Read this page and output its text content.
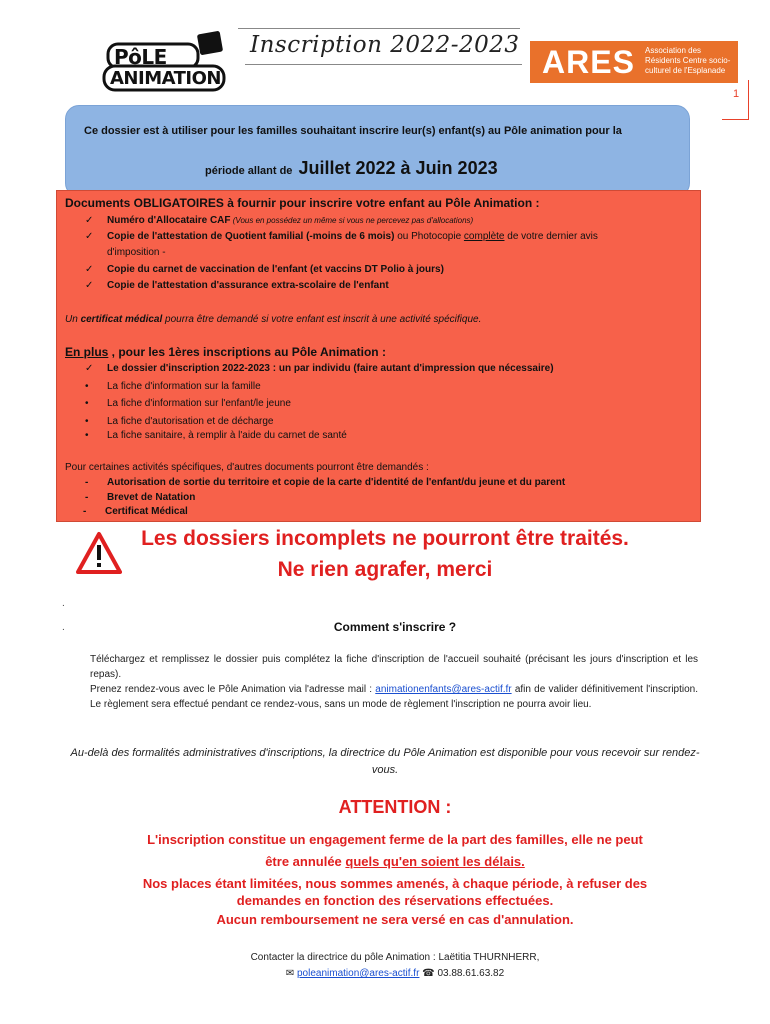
PôLE
ANIMATION
Inscription 2022-2023 ARES Association des Résidents Centre socio-culturel de l'Esplanade
1
Ce dossier est à utiliser pour les familles souhaitant inscrire leur(s) enfant(s) au Pôle animation pour la
période allant de Juillet 2022 à Juin 2023
Documents OBLIGATOIRES à fournir pour inscrire votre enfant au Pôle Animation :
✓ Numéro d'Allocataire CAF (Vous en possédez un même si vous ne percevez pas d'allocations)
✓ Copie de l'attestation de Quotient familial (-moins de 6 mois) ou Photocopie complète de votre dernier avis
d'imposition -
✓ Copie du carnet de vaccination de l'enfant (et vaccins DT Polio à jours)
✓ Copie de l'attestation d'assurance extra-scolaire de l'enfant
Un certificat médical pourra être demandé si votre enfant est inscrit à une activité spécifique.
En plus , pour les 1ères inscriptions au Pôle Animation :
✓ Le dossier d'inscription 2022-2023 : un par individu (faire autant d'impression que nécessaire)
• La fiche d'information sur la famille
• La fiche d'information sur l'enfant/le jeune
• La fiche d'autorisation et de décharge
• La fiche sanitaire, à remplir à l'aide du carnet de santé
Pour certaines activités spécifiques, d'autres documents pourront être demandés :
- Autorisation de sortie du territoire et copie de la carte d'identité de l'enfant/du jeune et du parent
- Brevet de Natation
- Certificat Médical
Les dossiers incomplets ne pourront être traités.
Ne rien agrafer, merci
.
.	Comment s'inscrire ?
Téléchargez et remplissez le dossier puis complétez la fiche d'inscription de l'accueil souhaité (précisant les jours d'inscription et les repas).
Prenez rendez-vous avec le Pôle Animation via l'adresse mail : animationenfants@ares-actif.fr afin de valider définitivement l'inscription. Le règlement sera effectué pendant ce rendez-vous, sans un mode de règlement l'inscription ne pourra avoir lieu.
Au-delà des formalités administratives d'inscriptions, la directrice du Pôle Animation est disponible pour vous recevoir sur rendez-vous.
ATTENTION :
L'inscription constitue un engagement ferme de la part des familles, elle ne peut
être annulée quels qu'en soient les délais.
Nos places étant limitées, nous sommes amenés, à chaque période, à refuser des
demandes en fonction des réservations effectuées.
Aucun remboursement ne sera versé en cas d'annulation.
Contacter la directrice du pôle Animation : Laëtitia THURNHERR,
✉ poleanimation@ares-actif.fr ☎ 03.88.61.63.82
